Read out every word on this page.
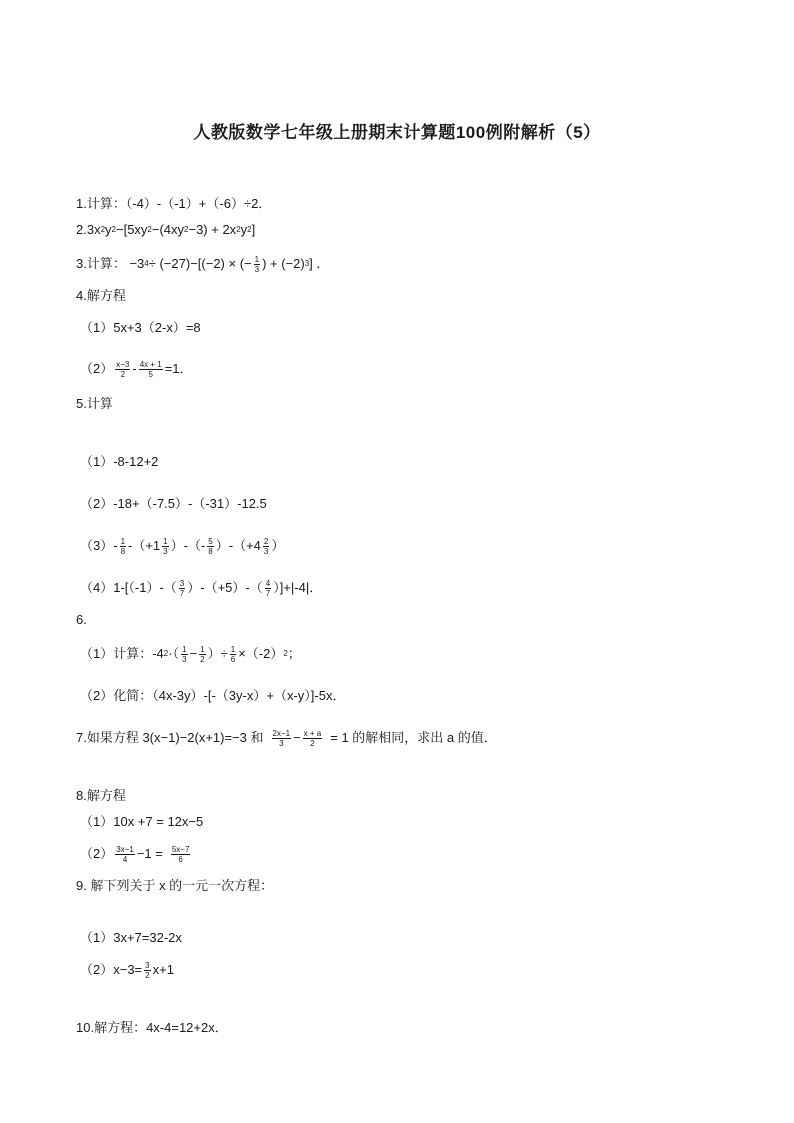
人教版数学七年级上册期末计算题100例附解析（5）
1.计算：（-4）-（-1）+（-6）÷2．
2.3x 2 y 2 −[5xy 2 −(4xy 2 −3) + 2x 2 y 2 ]
3.计算： −3 4 ÷ (−27)−[(−2) × (− $\frac{1}{3}$ ) + (−2) 3 ] ．
4.解方程
（1）5x+3（2-x）=8
$(2) \frac{x-3}{2} - \frac{4x + 1}{5} =1$．
5.计算
（1）-8-12+2
（2）-18+（-7.5）-（-31）-12.5
$(3)- \frac{1}{8} -(+1 \frac{1}{3}$ ）-（- $\frac{5}{8} )-(+4 \frac{2}{3}$ ）
$(4)1-[(-1)-( \frac{3}{7} )-(+5)-( \frac{4}{7} )]+|-4|$．
6.
（1）计算：-4 2 ·（ $\frac{1}{3} - \frac{1}{2}$ ）÷ $\frac{1}{6} \times(-2)$ 2 ；
（2）化简：（4x-3y）-[-（3y-x）+（x-y）]-5x．
7.如果方程 3(x−1)−2(x+1)=−3 和 $\frac{2x-1}{3} - \frac{x + a}{2} = 1$ 的解相同，求出 a 的值．
8.解方程
（1）10x +7 = 12x−5
$(2) \frac{3x-1}{4} -1 = \frac{5x-7}{6}$
9. 解下列关于 x 的一元一次方程：
（1）3x+7=32-2x
$(2)x-3= \frac{3}{2} x+1$
10.解方程：4x-4=12+2x．
